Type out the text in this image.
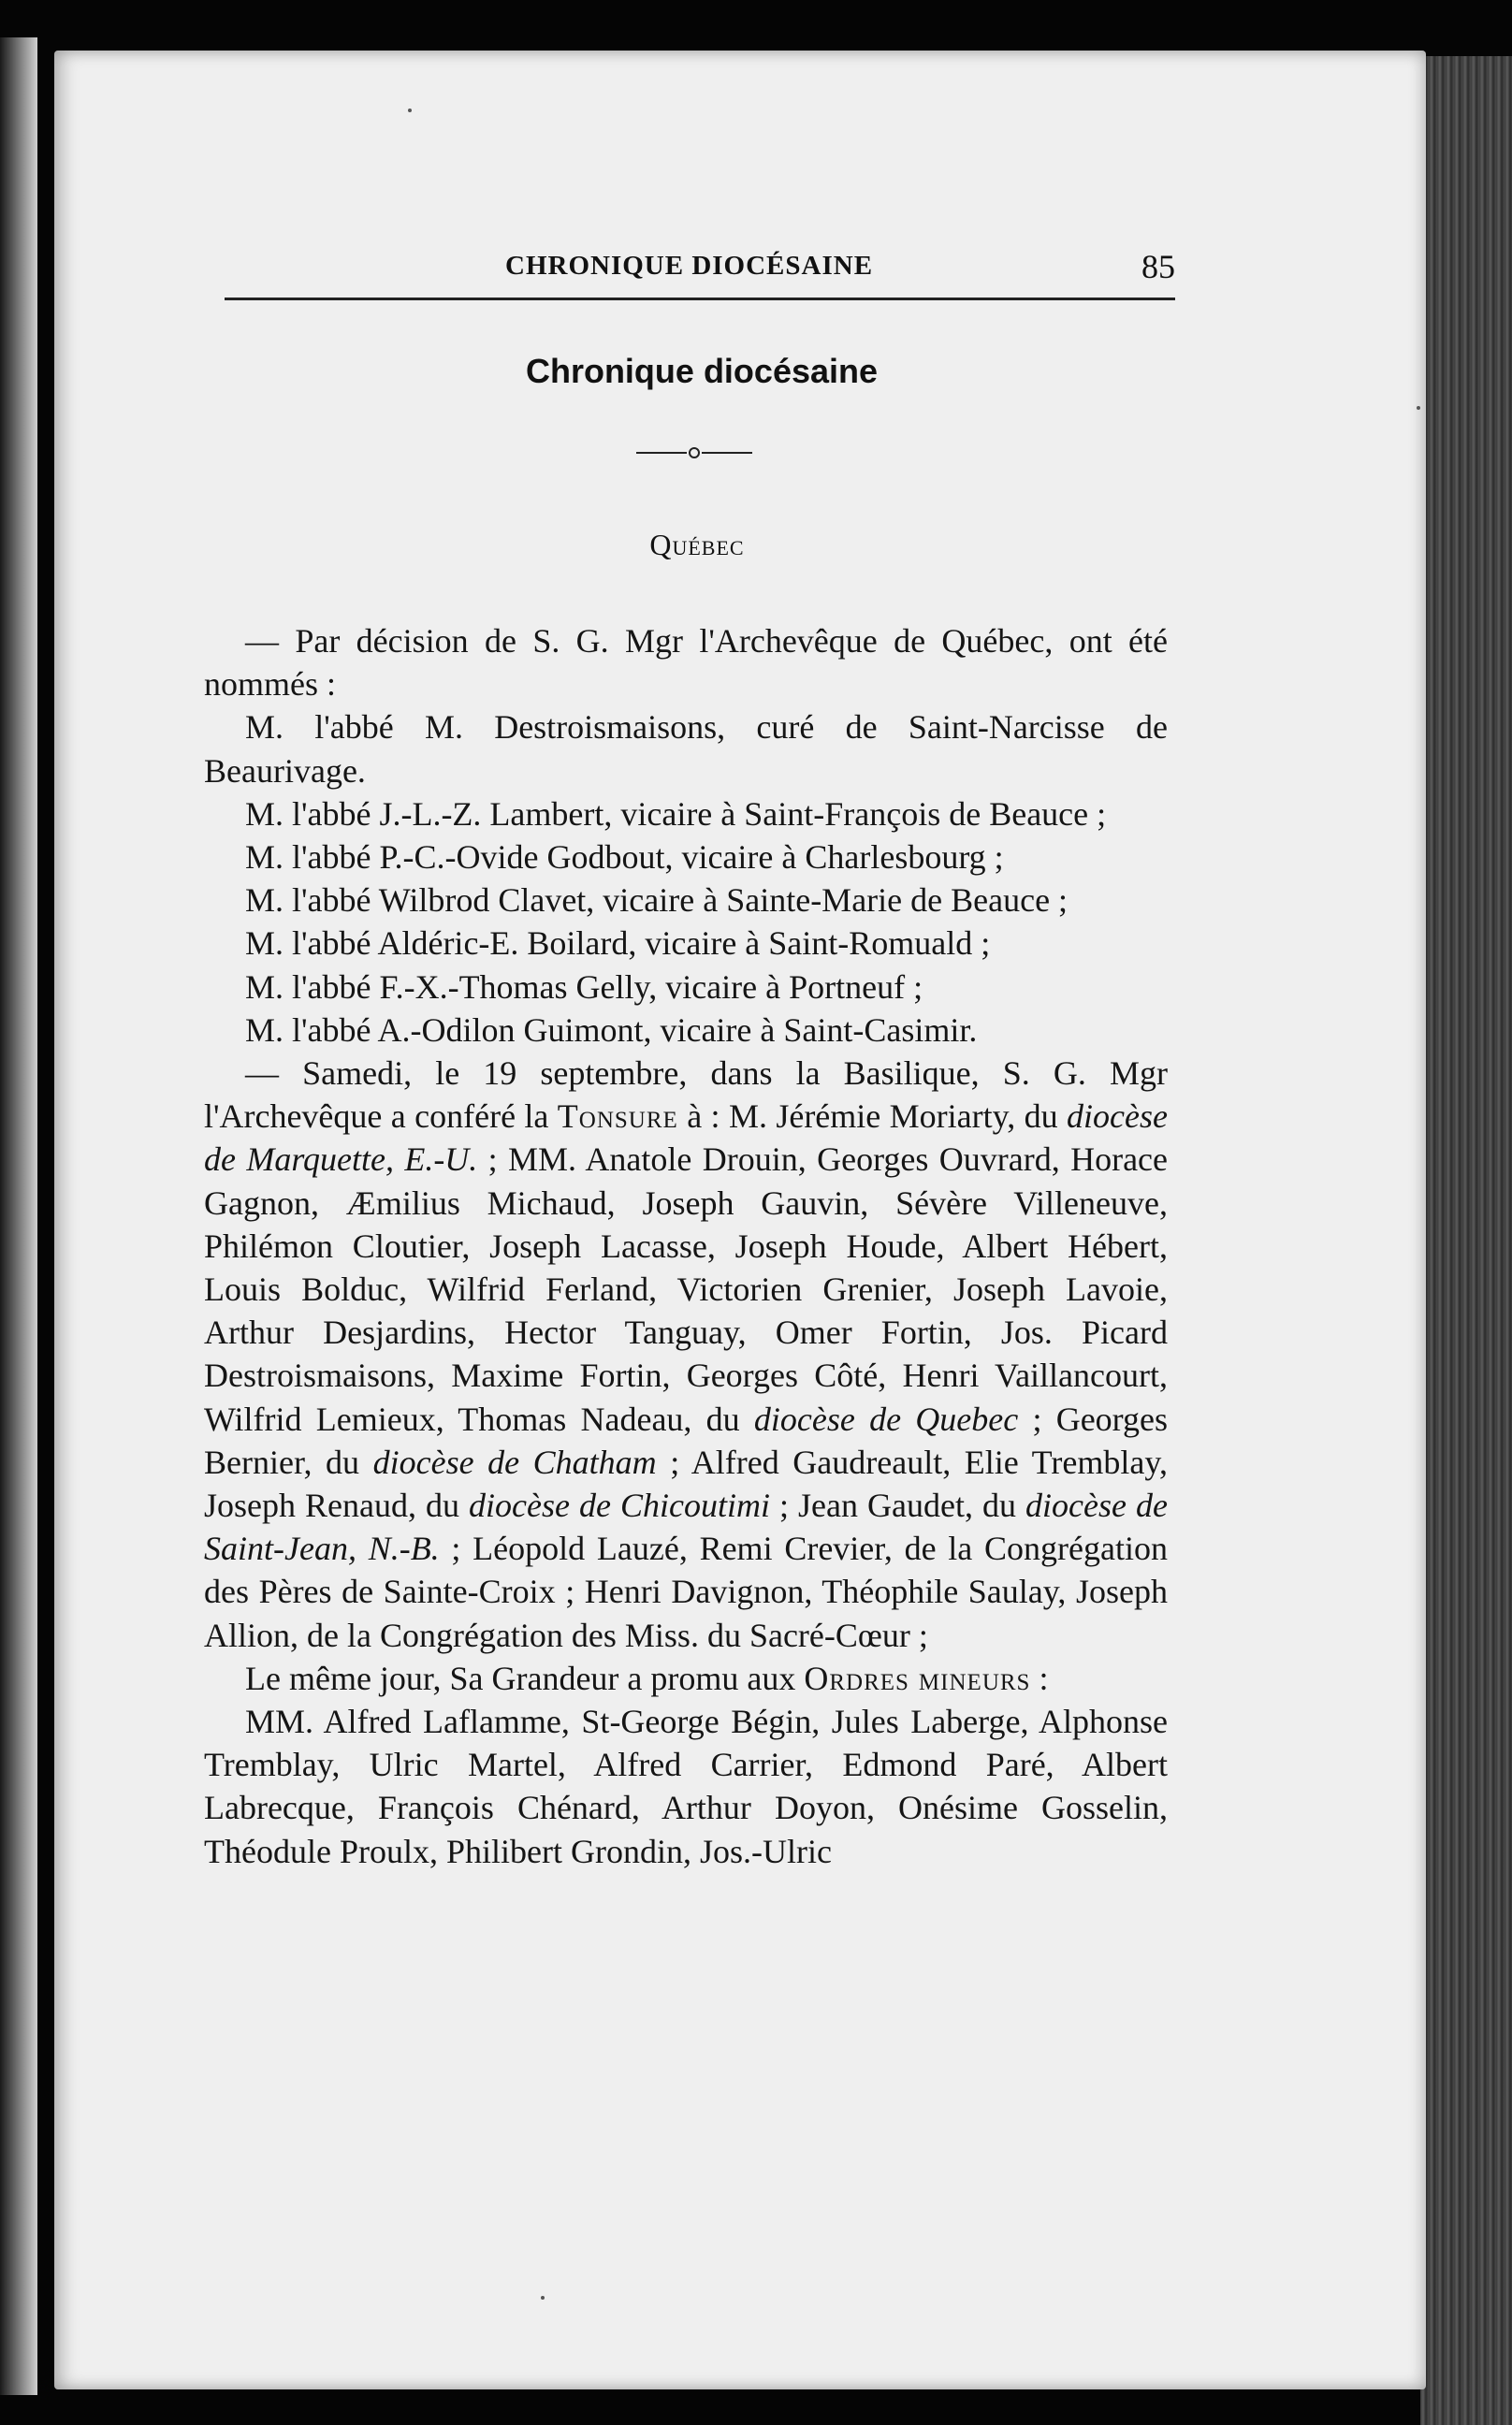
CHRONIQUE DIOCÉSAINE	85
Chronique diocésaine
Québec

— Par décision de S. G. Mgr l'Archevêque de Québec, ont été nommés :

M. l'abbé M. Destroismaisons, curé de Saint-Narcisse de Beaurivage.

M. l'abbé J.-L.-Z. Lambert, vicaire à Saint-François de Beauce ;

M. l'abbé P.-C.-Ovide Godbout, vicaire à Charlesbourg ;

M. l'abbé Wilbrod Clavet, vicaire à Sainte-Marie de Beauce ;

M. l'abbé Aldéric-E. Boilard, vicaire à Saint-Romuald ;

M. l'abbé F.-X.-Thomas Gelly, vicaire à Portneuf ;

M. l'abbé A.-Odilon Guimont, vicaire à Saint-Casimir.

— Samedi, le 19 septembre, dans la Basilique, S. G. Mgr l'Archevêque a conféré la Tonsure à : M. Jérémie Moriarty, du diocèse de Marquette, E.-U. ; MM. Anatole Drouin, Georges Ouvrard, Horace Gagnon, Æmilius Michaud, Joseph Gauvin, Sévère Villeneuve, Philémon Cloutier, Joseph Lacasse, Joseph Houde, Albert Hébert, Louis Bolduc, Wilfrid Ferland, Victorien Grenier, Joseph Lavoie, Arthur Desjardins, Hector Tanguay, Omer Fortin, Jos. Picard Destroismaisons, Maxime Fortin, Georges Côté, Henri Vaillancourt, Wilfrid Lemieux, Thomas Nadeau, du diocèse de Quebec ; Georges Bernier, du diocèse de Chatham ; Alfred Gaudreault, Elie Tremblay, Joseph Renaud, du diocèse de Chicoutimi ; Jean Gaudet, du diocèse de Saint-Jean, N.-B. ; Léopold Lauzé, Remi Crevier, de la Congrégation des Pères de Sainte-Croix ; Henri Davignon, Théophile Saulay, Joseph Allion, de la Congrégation des Miss. du Sacré-Cœur ;

Le même jour, Sa Grandeur a promu aux Ordres mineurs :

MM. Alfred Laflamme, St-George Bégin, Jules Laberge, Alphonse Tremblay, Ulric Martel, Alfred Carrier, Edmond Paré, Albert Labrecque, François Chénard, Arthur Doyon, Onésime Gosselin, Théodule Proulx, Philibert Grondin, Jos.-Ulric
